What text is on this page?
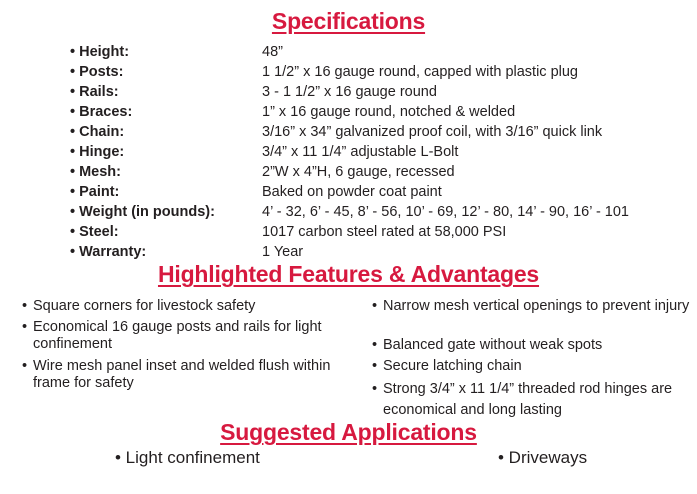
Specifications
• Height:	48”
• Posts:	1 1/2” x 16 gauge round, capped with plastic plug
• Rails:	3 - 1 1/2” x 16 gauge round
• Braces:	1” x 16 gauge round, notched & welded
• Chain:	3/16” x 34” galvanized proof coil, with 3/16” quick link
• Hinge:	3/4” x 11 1/4” adjustable L-Bolt
• Mesh:	2”W x 4”H, 6 gauge, recessed
• Paint:	Baked on powder coat paint
• Weight (in pounds):	4’ - 32, 6’ - 45, 8’ - 56, 10’ - 69, 12’ - 80, 14’ - 90, 16’ - 101
• Steel:	1017 carbon steel rated at 58,000 PSI
• Warranty:	1 Year
Highlighted Features & Advantages
• Square corners for livestock safety
• Economical 16 gauge posts and rails for light confinement
• Wire mesh panel inset and welded flush within frame for safety
• Narrow mesh vertical openings to prevent injury
• Balanced gate without weak spots
• Secure latching chain
• Strong 3/4” x 11 1/4” threaded rod hinges are economical and long lasting
Suggested Applications
• Light confinement	• Driveways
